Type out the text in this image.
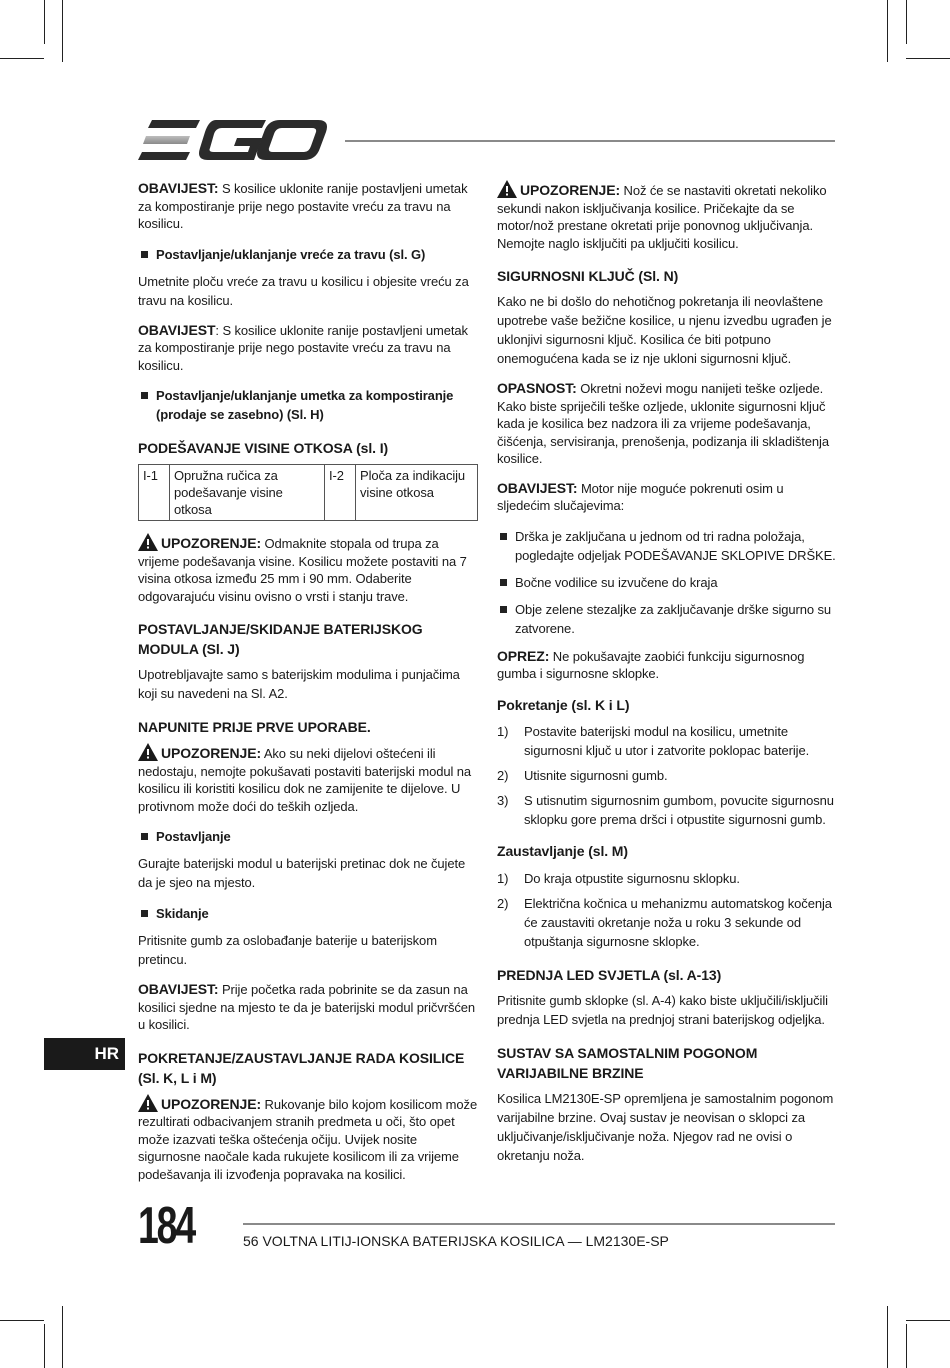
OBAVIJEST: S kosilice uklonite ranije postavljeni umetak za kompostiranje prije nego postavite vreću za travu na kosilicu.

Postavljanje/uklanjanje vreće za travu (sl. G)

Umetnite ploču vreće za travu u kosilicu i objesite vreću za travu na kosilicu.

OBAVIJEST: S kosilice uklonite ranije postavljeni umetak za kompostiranje prije nego postavite vreću za travu na kosilicu.

Postavljanje/uklanjanje umetka za kompostiranje (prodaje se zasebno) (Sl. H)
PODEŠAVANJE VISINE OTKOSA (sl. I)
I-1	Opružna ručica za podešavanje visine otkosa	I-2	Ploča za indikaciju visine otkosa

UPOZORENJE: Odmaknite stopala od trupa za vrijeme podešavanja visine. Kosilicu možete postaviti na 7 visina otkosa između 25 mm i 90 mm. Odaberite odgovarajuću visinu ovisno o vrsti i stanju trave.

POSTAVLJANJE/SKIDANJE BATERIJSKOG MODULA (Sl. J)

Upotrebljavajte samo s baterijskim modulima i punjačima koji su navedeni na Sl. A2.

NAPUNITE PRIJE PRVE UPORABE.

UPOZORENJE: Ako su neki dijelovi oštećeni ili nedostaju, nemojte pokušavati postaviti baterijski modul na kosilicu ili koristiti kosilicu dok ne zamijenite te dijelove. U protivnom može doći do teških ozljeda.

Postavljanje

Gurajte baterijski modul u baterijski pretinac dok ne čujete da je sjeo na mjesto.

Skidanje

Pritisnite gumb za oslobađanje baterije u baterijskom pretincu.

OBAVIJEST: Prije početka rada pobrinite se da zasun na kosilici sjedne na mjesto te da je baterijski modul pričvršćen u kosilici.

POKRETANJE/ZAUSTAVLJANJE RADA KOSILICE (Sl. K, L i M)

UPOZORENJE: Rukovanje bilo kojom kosilicom može rezultirati odbacivanjem stranih predmeta u oči, što opet može izazvati teška oštećenja očiju. Uvijek nosite sigurnosne naočale kada rukujete kosilicom ili za vrijeme podešavanja ili izvođenja popravaka na kosilici.

UPOZORENJE: Nož će se nastaviti okretati nekoliko sekundi nakon isključivanja kosilice. Pričekajte da se motor/nož prestane okretati prije ponovnog uključivanja. Nemojte naglo isključiti pa uključiti kosilicu.

SIGURNOSNI KLJUČ (Sl. N)

Kako ne bi došlo do nehotičnog pokretanja ili neovlaštene upotrebe vaše bežične kosilice, u njenu izvedbu ugrađen je uklonjivi sigurnosni ključ. Kosilica će biti potpuno onemogućena kada se iz nje ukloni sigurnosni ključ.

OPASNOST: Okretni noževi mogu nanijeti teške ozljede. Kako biste spriječili teške ozljede, uklonite sigurnosni ključ kada je kosilica bez nadzora ili za vrijeme podešavanja, čišćenja, servisiranja, prenošenja, podizanja ili skladištenja kosilice.

OBAVIJEST: Motor nije moguće pokrenuti osim u sljedećim slučajevima:

Drška je zaključana u jednom od tri radna položaja, pogledajte odjeljak PODEŠAVANJE SKLOPIVE DRŠKE.
Bočne vodilice su izvučene do kraja
Obje zelene stezaljke za zaključavanje drške sigurno su zatvorene.

OPREZ: Ne pokušavajte zaobići funkciju sigurnosnog gumba i sigurnosne sklopke.

Pokretanje (sl. K i L)
1) Postavite baterijski modul na kosilicu, umetnite sigurnosni ključ u utor i zatvorite poklopac baterije.
2) Utisnite sigurnosni gumb.
3) S utisnutim sigurnosnim gumbom, povucite sigurnosnu sklopku gore prema dršci i otpustite sigurnosni gumb.
Zaustavljanje (sl. M)
1) Do kraja otpustite sigurnosnu sklopku.
2) Električna kočnica u mehanizmu automatskog kočenja će zaustaviti okretanje noža u roku 3 sekunde od otpuštanja sigurnosne sklopke.
PREDNJA LED SVJETLA (sl. A-13)

Pritisnite gumb sklopke (sl. A-4) kako biste uključili/isključili prednja LED svjetla na prednjoj strani baterijskog odjeljka.

SUSTAV SA SAMOSTALNIM POGONOM VARIJABILNE BRZINE

Kosilica LM2130E-SP opremljena je samostalnim pogonom varijabilne brzine. Ovaj sustav je neovisan o sklopci za uključivanje/isključivanje noža. Njegov rad ne ovisi o okretanju noža.

HR
184	56 VOLTNA LITIJ-IONSKA BATERIJSKA KOSILICA — LM2130E-SP
